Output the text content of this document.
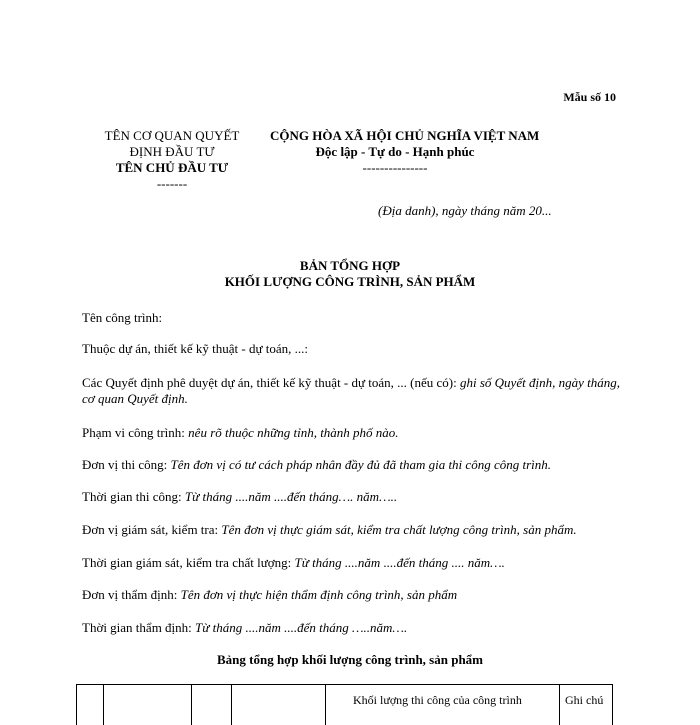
Mẫu số 10
TÊN CƠ QUAN QUYẾT
ĐỊNH ĐẦU TƯ
TÊN CHỦ ĐẦU TƯ
-------
CỘNG HÒA XÃ HỘI CHỦ NGHĨA VIỆT NAM
Độc lập - Tự do - Hạnh phúc
---------------
(Địa danh), ngày tháng năm 20...
BẢN TỔNG HỢP
KHỐI LƯỢNG CÔNG TRÌNH, SẢN PHẨM
Tên công trình:
Thuộc dự án, thiết kế kỹ thuật - dự toán, ...:
Các Quyết định phê duyệt dự án, thiết kế kỹ thuật - dự toán, ... (nếu có): ghi số Quyết định, ngày tháng, cơ quan Quyết định.
Phạm vi công trình: nêu rõ thuộc những tỉnh, thành phố nào.
Đơn vị thi công: Tên đơn vị có tư cách pháp nhân đầy đủ đã tham gia thi công công trình.
Thời gian thi công: Từ tháng ....năm ....đến tháng…. năm…..
Đơn vị giám sát, kiểm tra: Tên đơn vị thực giám sát, kiểm tra chất lượng công trình, sản phẩm.
Thời gian giám sát, kiểm tra chất lượng: Từ tháng ....năm ....đến tháng .... năm….
Đơn vị thẩm định: Tên đơn vị thực hiện thẩm định công trình, sản phẩm
Thời gian thẩm định: Từ tháng ....năm ....đến tháng …..năm….
Bảng tổng hợp khối lượng công trình, sản phẩm
Khối lượng thi công của công trình	Ghi chú
